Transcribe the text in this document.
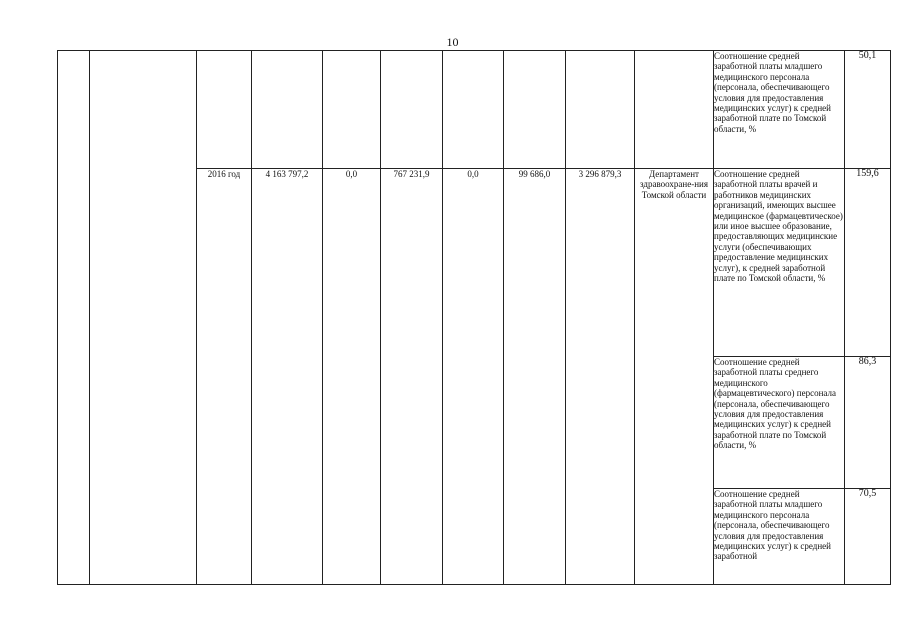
10
										Соотношение средней заработной платы младшего медицинского персонала (персонала, обеспечивающего условия для предоставления медицинских услуг) к средней заработной плате по Томской области, %	50,1
		2016 год	4 163 797,2	0,0	767 231,9	0,0	99 686,0	3 296 879,3	Департамент здравоохране-ния Томской области	Соотношение средней заработной платы врачей и работников медицинских организаций, имеющих высшее медицинское (фармацевтическое) или иное высшее образование, предоставляющих медицинские услуги (обеспечивающих предоставление медицинских услуг), к средней заработной плате по Томской области, %	159,6
										Соотношение средней заработной платы среднего медицинского (фармацевтического) персонала (персонала, обеспечивающего условия для предоставления медицинских услуг) к средней заработной плате по Томской области, %	86,3
										Соотношение средней заработной платы младшего медицинского персонала (персонала, обеспечивающего условия для предоставления медицинских услуг) к средней заработной	70,5
